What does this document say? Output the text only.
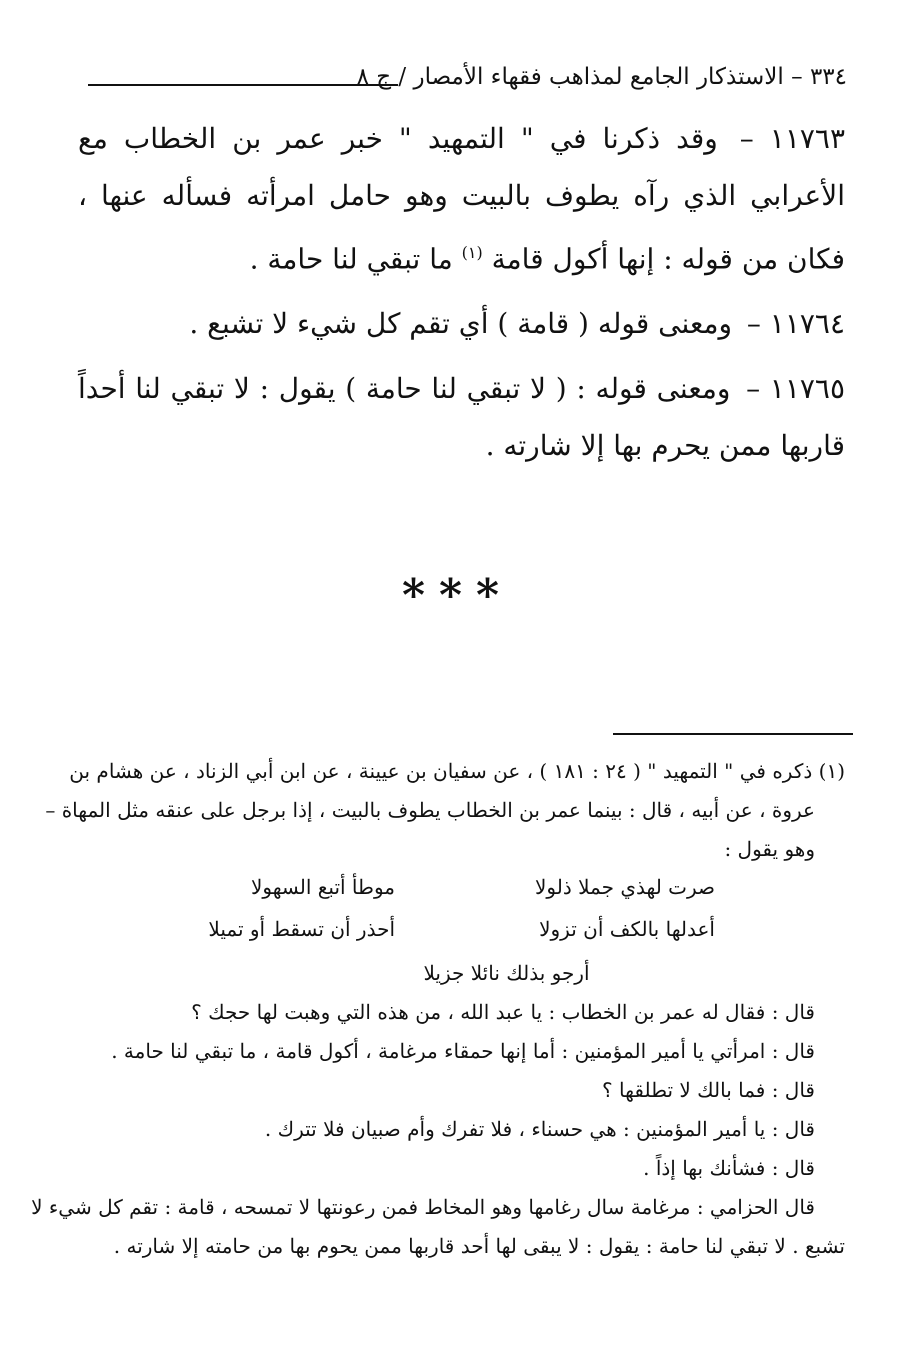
٣٣٤ – الاستذكار الجامع لمذاهب فقهاء الأمصار / ج ٨

١١٧٦٣ – وقد ذكرنا في " التمهيد " خبر عمر بن الخطاب مع الأعرابي الذي رآه يطوف بالبيت وهو حامل امرأته فسأله عنها ، فكان من قوله : إنها أكول قامة $^{(١)}$ ما تبقي لنا حامة .

١١٧٦٤ – ومعنى قوله ( قامة ) أي تقم كل شيء لا تشبع .

١١٧٦٥ – ومعنى قوله : ( لا تبقي لنا حامة ) يقول : لا تبقي لنا أحداً قاربها ممن يحرم بها إلا شارته .

***
(١) ذكره في " التمهيد " ( ٢٤ : ١٨١ ) ، عن سفيان بن عيينة ، عن ابن أبي الزناد ، عن هشام بن
عروة ، عن أبيه ، قال : بينما عمر بن الخطاب يطوف بالبيت ، إذا برجل على عنقه مثل المهاة –
وهو يقول :
صرت لهذي جملا ذلولا
موطأ أتبع السهولا
أعدلها بالكف أن تزولا
أحذر أن تسقط أو تميلا
أرجو بذلك نائلا جزيلا
قال : فقال له عمر بن الخطاب : يا عبد الله ، من هذه التي وهبت لها حجك ؟
قال : امرأتي يا أمير المؤمنين : أما إنها حمقاء مرغامة ، أكول قامة ، ما تبقي لنا حامة .
قال : فما بالك لا تطلقها ؟
قال : يا أمير المؤمنين : هي حسناء ، فلا تفرك وأم صبيان فلا تترك .
قال : فشأنك بها إذاً .
قال الحزامي : مرغامة سال رغامها وهو المخاط فمن رعونتها لا تمسحه ، قامة : تقم كل شيء لا
تشبع . لا تبقي لنا حامة : يقول : لا يبقى لها أحد قاربها ممن يحوم بها من حامته إلا شارته .
